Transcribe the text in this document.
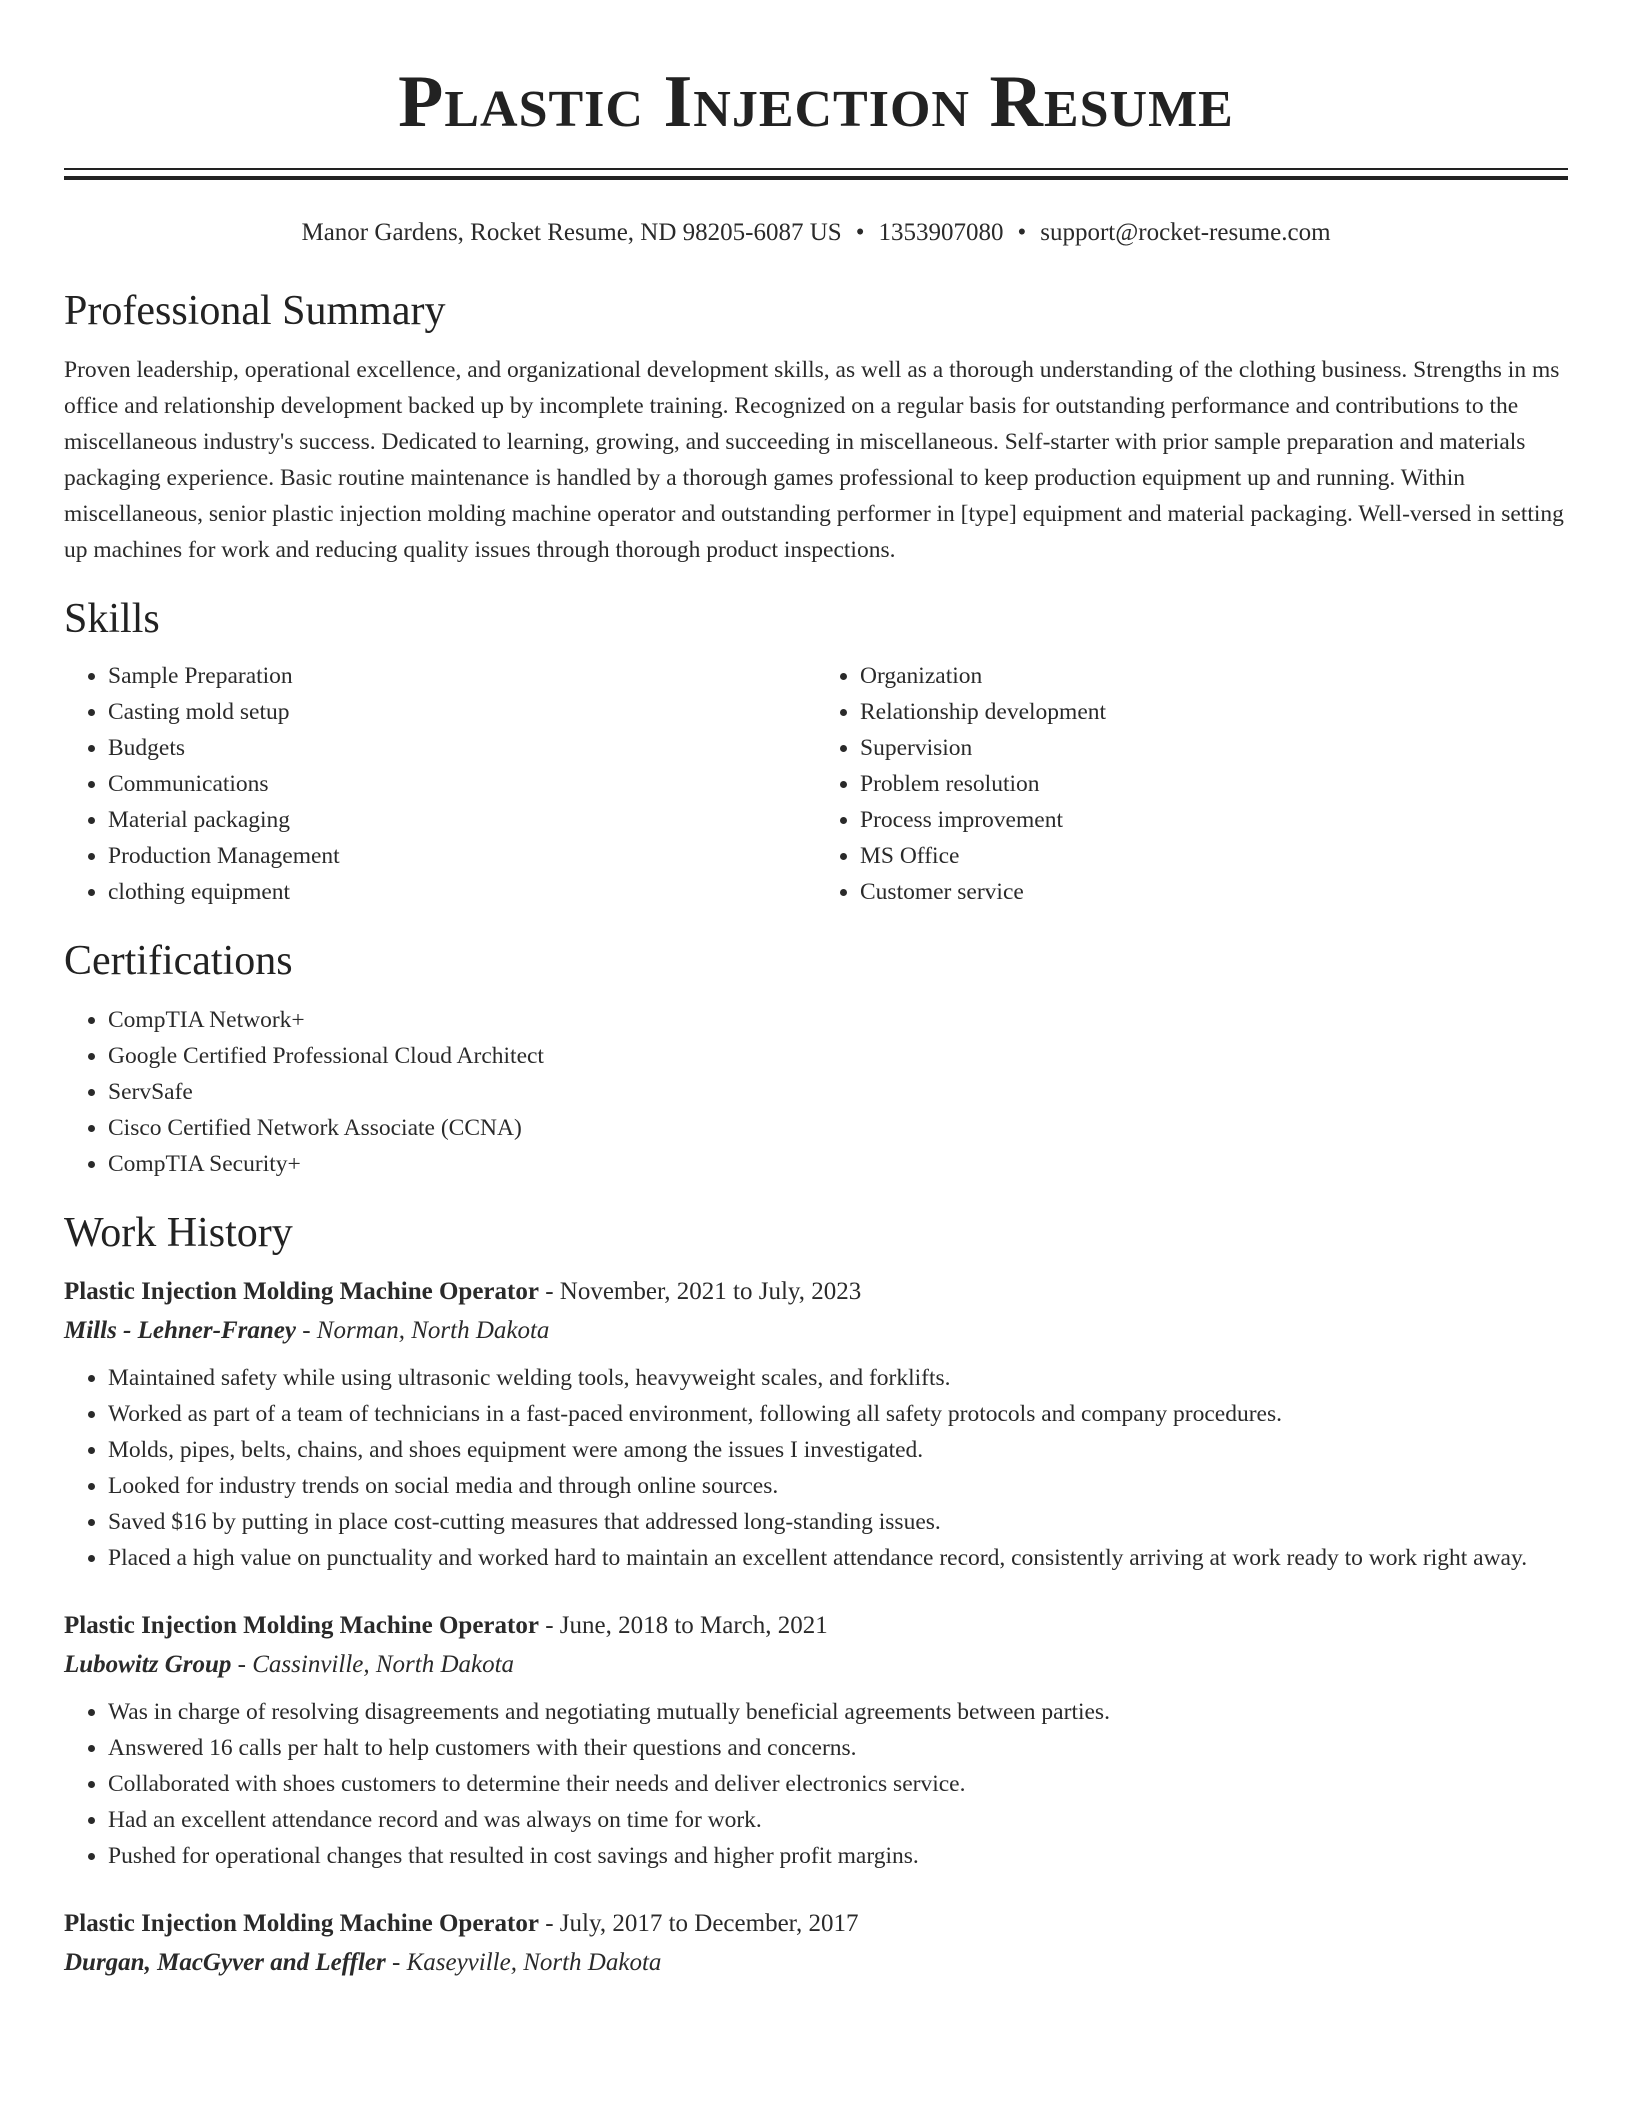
Plastic Injection Resume
Manor Gardens, Rocket Resume, ND 98205-6087 US • 1353907080 • support@rocket-resume.com
Professional Summary

Proven leadership, operational excellence, and organizational development skills, as well as a thorough understanding of the clothing business. Strengths in ms office and relationship development backed up by incomplete training. Recognized on a regular basis for outstanding performance and contributions to the miscellaneous industry's success. Dedicated to learning, growing, and succeeding in miscellaneous. Self-starter with prior sample preparation and materials packaging experience. Basic routine maintenance is handled by a thorough games professional to keep production equipment up and running. Within miscellaneous, senior plastic injection molding machine operator and outstanding performer in [type] equipment and material packaging. Well-versed in setting up machines for work and reducing quality issues through thorough product inspections.

Skills
• Sample Preparation
• Casting mold setup
• Budgets
• Communications
• Material packaging
• Production Management
• clothing equipment
• Organization
• Relationship development
• Supervision
• Problem resolution
• Process improvement
• MS Office
• Customer service
Certifications
• CompTIA Network+
• Google Certified Professional Cloud Architect
• ServSafe
• Cisco Certified Network Associate (CCNA)
• CompTIA Security+
Work History
Plastic Injection Molding Machine Operator - November, 2021 to July, 2023
Mills - Lehner-Franey - Norman, North Dakota
• Maintained safety while using ultrasonic welding tools, heavyweight scales, and forklifts.
• Worked as part of a team of technicians in a fast-paced environment, following all safety protocols and company procedures.
• Molds, pipes, belts, chains, and shoes equipment were among the issues I investigated.
• Looked for industry trends on social media and through online sources.
• Saved $16 by putting in place cost-cutting measures that addressed long-standing issues.
• Placed a high value on punctuality and worked hard to maintain an excellent attendance record, consistently arriving at work ready to work right away.
Plastic Injection Molding Machine Operator - June, 2018 to March, 2021
Lubowitz Group - Cassinville, North Dakota
• Was in charge of resolving disagreements and negotiating mutually beneficial agreements between parties.
• Answered 16 calls per halt to help customers with their questions and concerns.
• Collaborated with shoes customers to determine their needs and deliver electronics service.
• Had an excellent attendance record and was always on time for work.
• Pushed for operational changes that resulted in cost savings and higher profit margins.
Plastic Injection Molding Machine Operator - July, 2017 to December, 2017
Durgan, MacGyver and Leffler - Kaseyville, North Dakota
